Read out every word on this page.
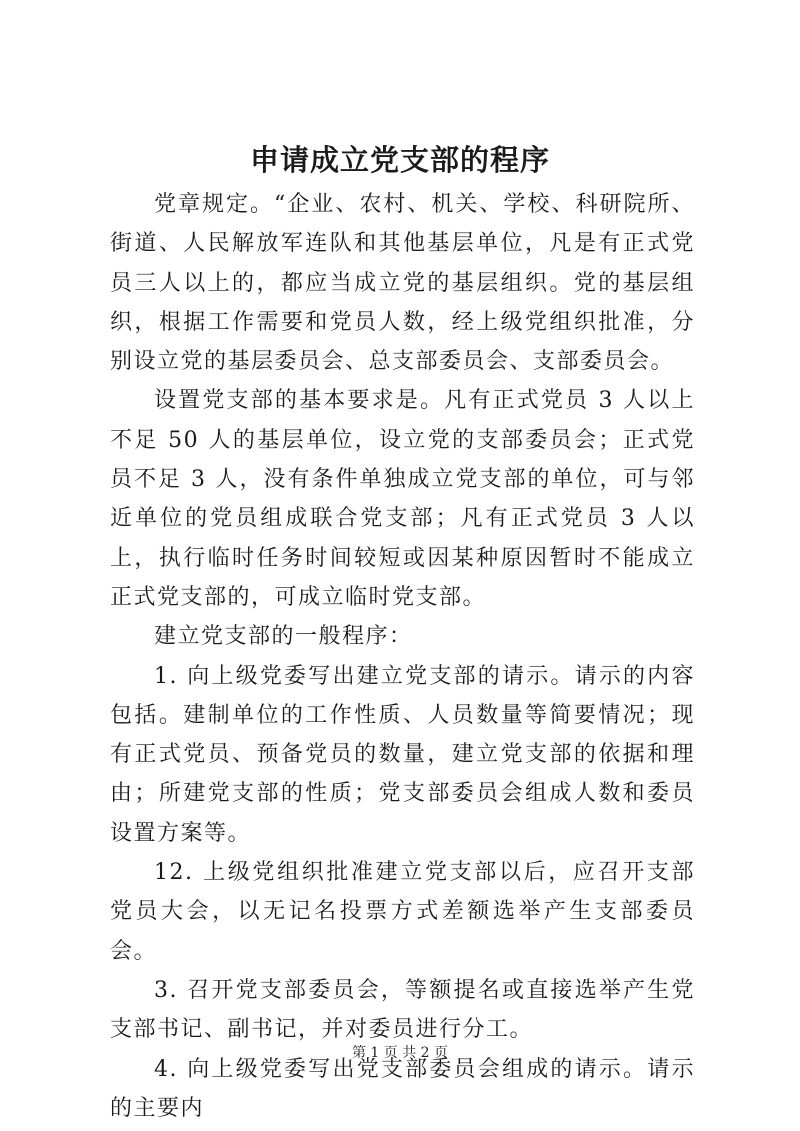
申请成立党支部的程序

党章规定。“企业、农村、机关、学校、科研院所、街道、人民解放军连队和其他基层单位，凡是有正式党员三人以上的，都应当成立党的基层组织。党的基层组织，根据工作需要和党员人数，经上级党组织批准，分别设立党的基层委员会、总支部委员会、支部委员会。

设置党支部的基本要求是。凡有正式党员 3 人以上不足 50 人的基层单位，设立党的支部委员会；正式党员不足 3 人，没有条件单独成立党支部的单位，可与邻近单位的党员组成联合党支部；凡有正式党员 3 人以上，执行临时任务时间较短或因某种原因暂时不能成立正式党支部的，可成立临时党支部。

建立党支部的一般程序：

1. 向上级党委写出建立党支部的请示。请示的内容包括。建制单位的工作性质、人员数量等简要情况；现有正式党员、预备党员的数量，建立党支部的依据和理由；所建党支部的性质；党支部委员会组成人数和委员设置方案等。

12. 上级党组织批准建立党支部以后，应召开支部党员大会，以无记名投票方式差额选举产生支部委员会。

3. 召开党支部委员会，等额提名或直接选举产生党支部书记、副书记，并对委员进行分工。

4. 向上级党委写出党支部委员会组成的请示。请示的主要内

第 1 页 共 2 页
